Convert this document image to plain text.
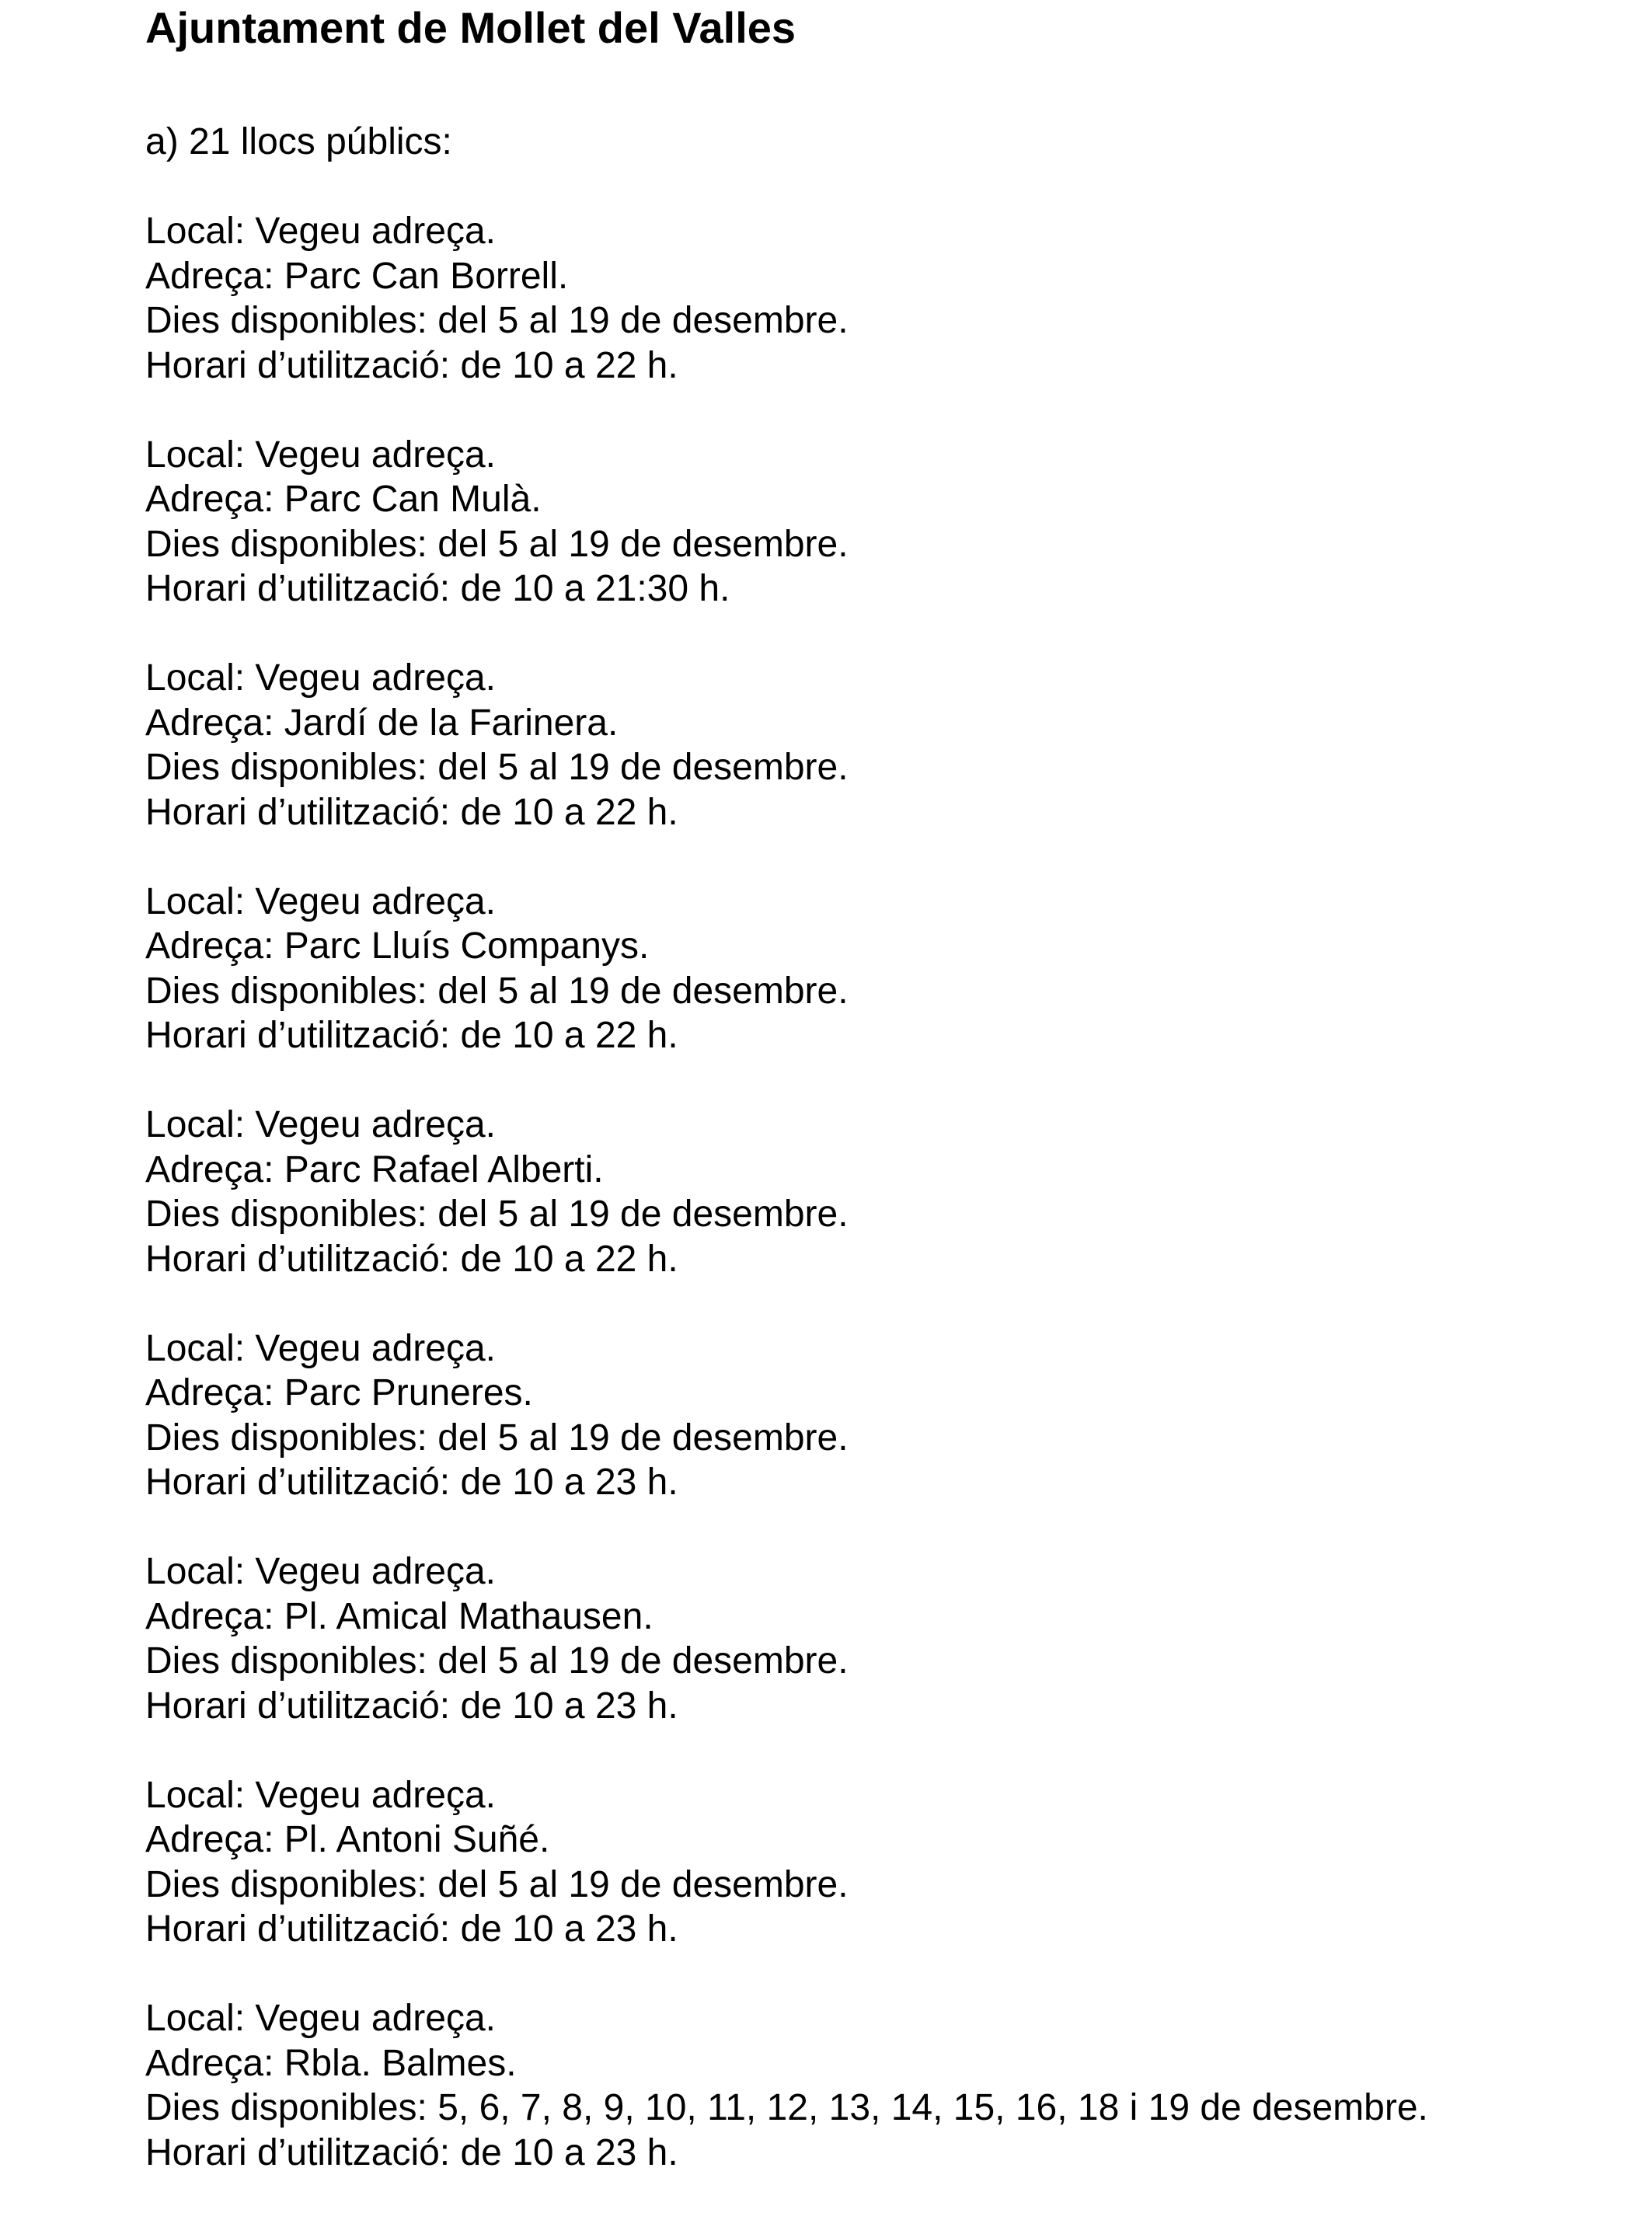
Ajuntament de Mollet del Valles
a) 21 llocs públics:

Local: Vegeu adreça.

Adreça: Parc Can Borrell.

Dies disponibles: del 5 al 19 de desembre.

Horari d’utilització: de 10 a 22 h.

Local: Vegeu adreça.

Adreça: Parc Can Mulà.

Dies disponibles: del 5 al 19 de desembre.

Horari d’utilització: de 10 a 21:30 h.

Local: Vegeu adreça.

Adreça: Jardí de la Farinera.

Dies disponibles: del 5 al 19 de desembre.

Horari d’utilització: de 10 a 22 h.

Local: Vegeu adreça.

Adreça: Parc Lluís Companys.

Dies disponibles: del 5 al 19 de desembre.

Horari d’utilització: de 10 a 22 h.

Local: Vegeu adreça.

Adreça: Parc Rafael Alberti.

Dies disponibles: del 5 al 19 de desembre.

Horari d’utilització: de 10 a 22 h.

Local: Vegeu adreça.

Adreça: Parc Pruneres.

Dies disponibles: del 5 al 19 de desembre.

Horari d’utilització: de 10 a 23 h.

Local: Vegeu adreça.

Adreça: Pl. Amical Mathausen.

Dies disponibles: del 5 al 19 de desembre.

Horari d’utilització: de 10 a 23 h.

Local: Vegeu adreça.

Adreça: Pl. Antoni Suñé.

Dies disponibles: del 5 al 19 de desembre.

Horari d’utilització: de 10 a 23 h.

Local: Vegeu adreça.

Adreça: Rbla. Balmes.

Dies disponibles: 5, 6, 7, 8, 9, 10, 11, 12, 13, 14, 15, 16, 18 i 19 de desembre.

Horari d’utilització: de 10 a 23 h.
